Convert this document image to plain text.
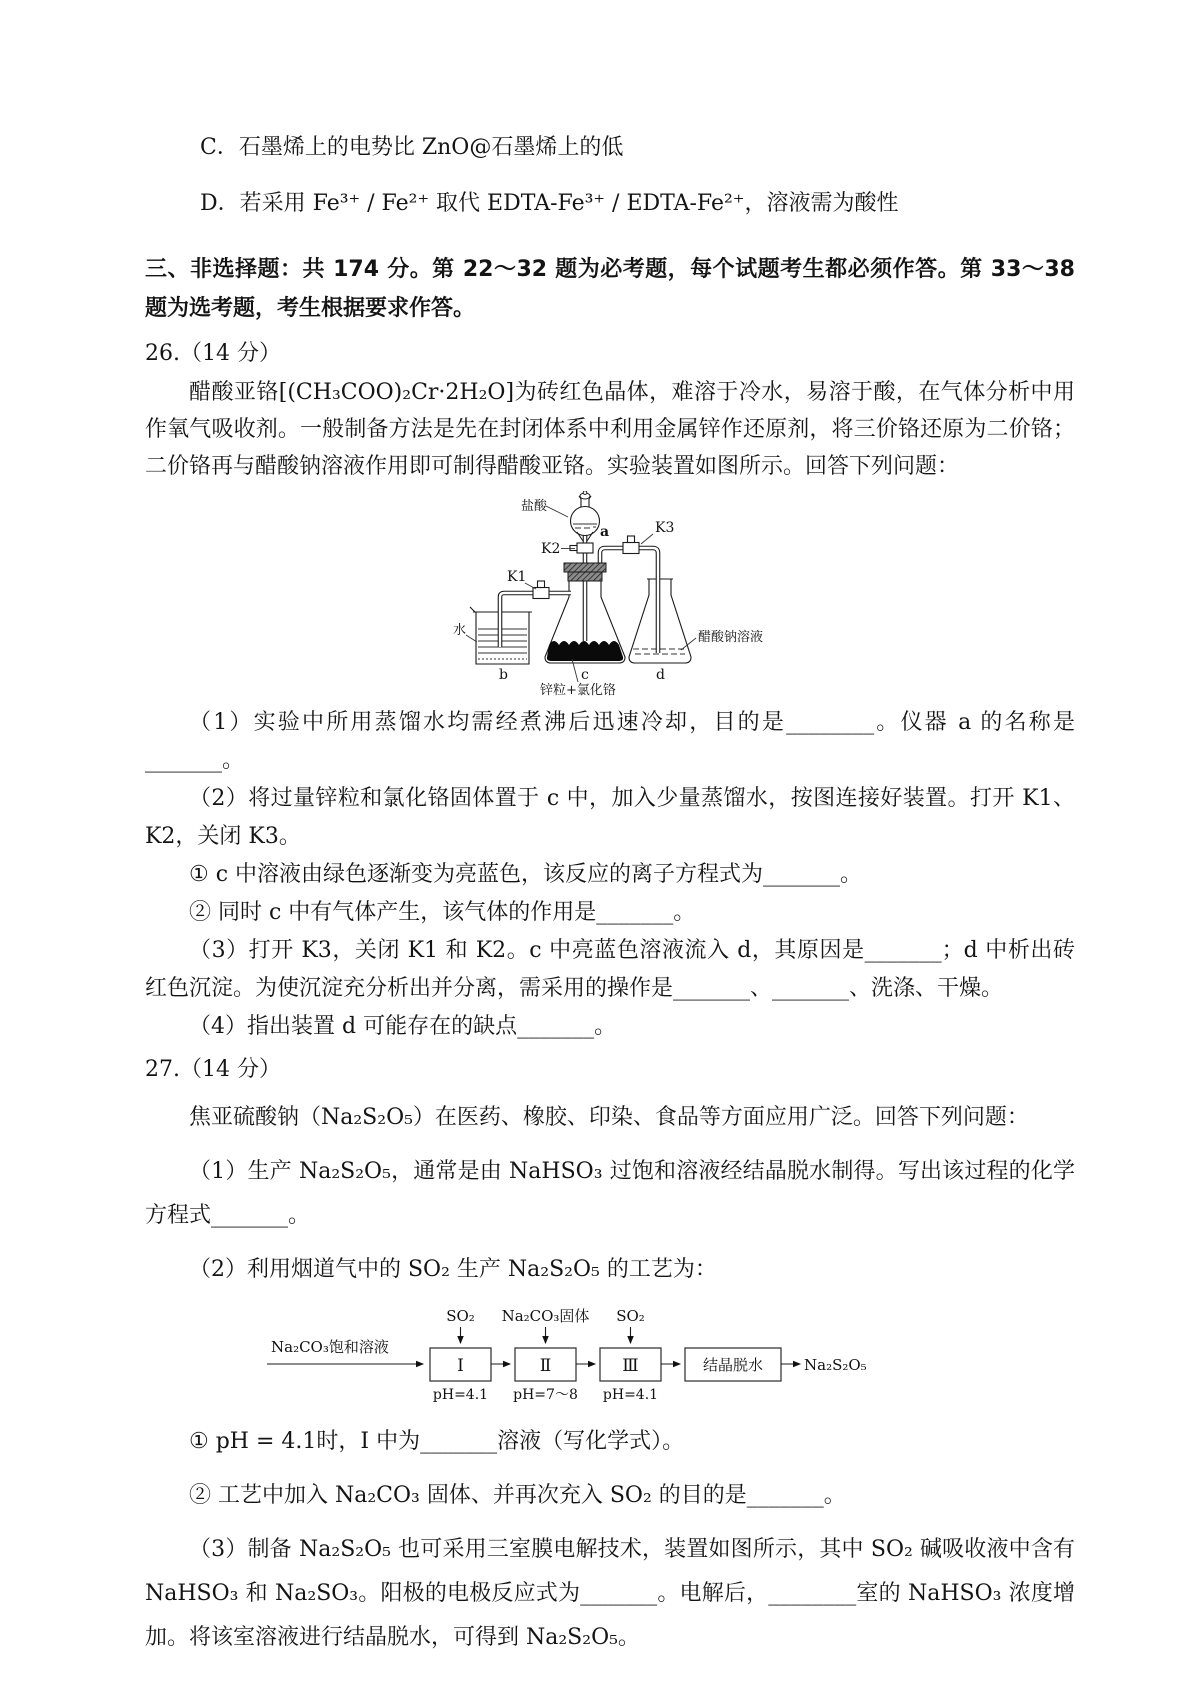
C．石墨烯上的电势比 ZnO@石墨烯上的低

D．若采用 Fe³⁺ / Fe²⁺ 取代 EDTA-Fe³⁺ / EDTA-Fe²⁺，溶液需为酸性

三、非选择题：共 174 分。第 22～32 题为必考题，每个试题考生都必须作答。第 33～38 题为选考题，考生根据要求作答。

26.（14 分）

醋酸亚铬[(CH₃COO)₂Cr·2H₂O]为砖红色晶体，难溶于冷水，易溶于酸，在气体分析中用作氧气吸收剂。一般制备方法是先在封闭体系中利用金属锌作还原剂，将三价铬还原为二价铬；二价铬再与醋酸钠溶液作用即可制得醋酸亚铬。实验装置如图所示。回答下列问题：

盐酸
a
K2
K3
K1
水	醋酸钠溶液
b	c	d
锌粒+氯化铬

（1）实验中所用蒸馏水均需经煮沸后迅速冷却，目的是________。仪器 a 的名称是_______。

（2）将过量锌粒和氯化铬固体置于 c 中，加入少量蒸馏水，按图连接好装置。打开 K1、K2，关闭 K3。

① c 中溶液由绿色逐渐变为亮蓝色，该反应的离子方程式为_______。

② 同时 c 中有气体产生，该气体的作用是_______。

（3）打开 K3，关闭 K1 和 K2。c 中亮蓝色溶液流入 d，其原因是_______；d 中析出砖红色沉淀。为使沉淀充分析出并分离，需采用的操作是_______、_______、洗涤、干燥。

（4）指出装置 d 可能存在的缺点_______。

27.（14 分）

焦亚硫酸钠（Na₂S₂O₅）在医药、橡胶、印染、食品等方面应用广泛。回答下列问题：

（1）生产 Na₂S₂O₅，通常是由 NaHSO₃ 过饱和溶液经结晶脱水制得。写出该过程的化学方程式_______。

（2）利用烟道气中的 SO₂ 生产 Na₂S₂O₅ 的工艺为：

Na₂CO₃饱和溶液
Ⅰ	Ⅱ	Ⅲ	结晶脱水	Na₂S₂O₅
SO₂ Na₂CO₃固体 SO₂
pH=4.1 pH=7～8 pH=4.1

① pH = 4.1时，I 中为_______溶液（写化学式）。

② 工艺中加入 Na₂CO₃ 固体、并再次充入 SO₂ 的目的是_______。

（3）制备 Na₂S₂O₅ 也可采用三室膜电解技术，装置如图所示，其中 SO₂ 碱吸收液中含有 NaHSO₃ 和 Na₂SO₃。阳极的电极反应式为_______。电解后，________室的 NaHSO₃ 浓度增加。将该室溶液进行结晶脱水，可得到 Na₂S₂O₅。
